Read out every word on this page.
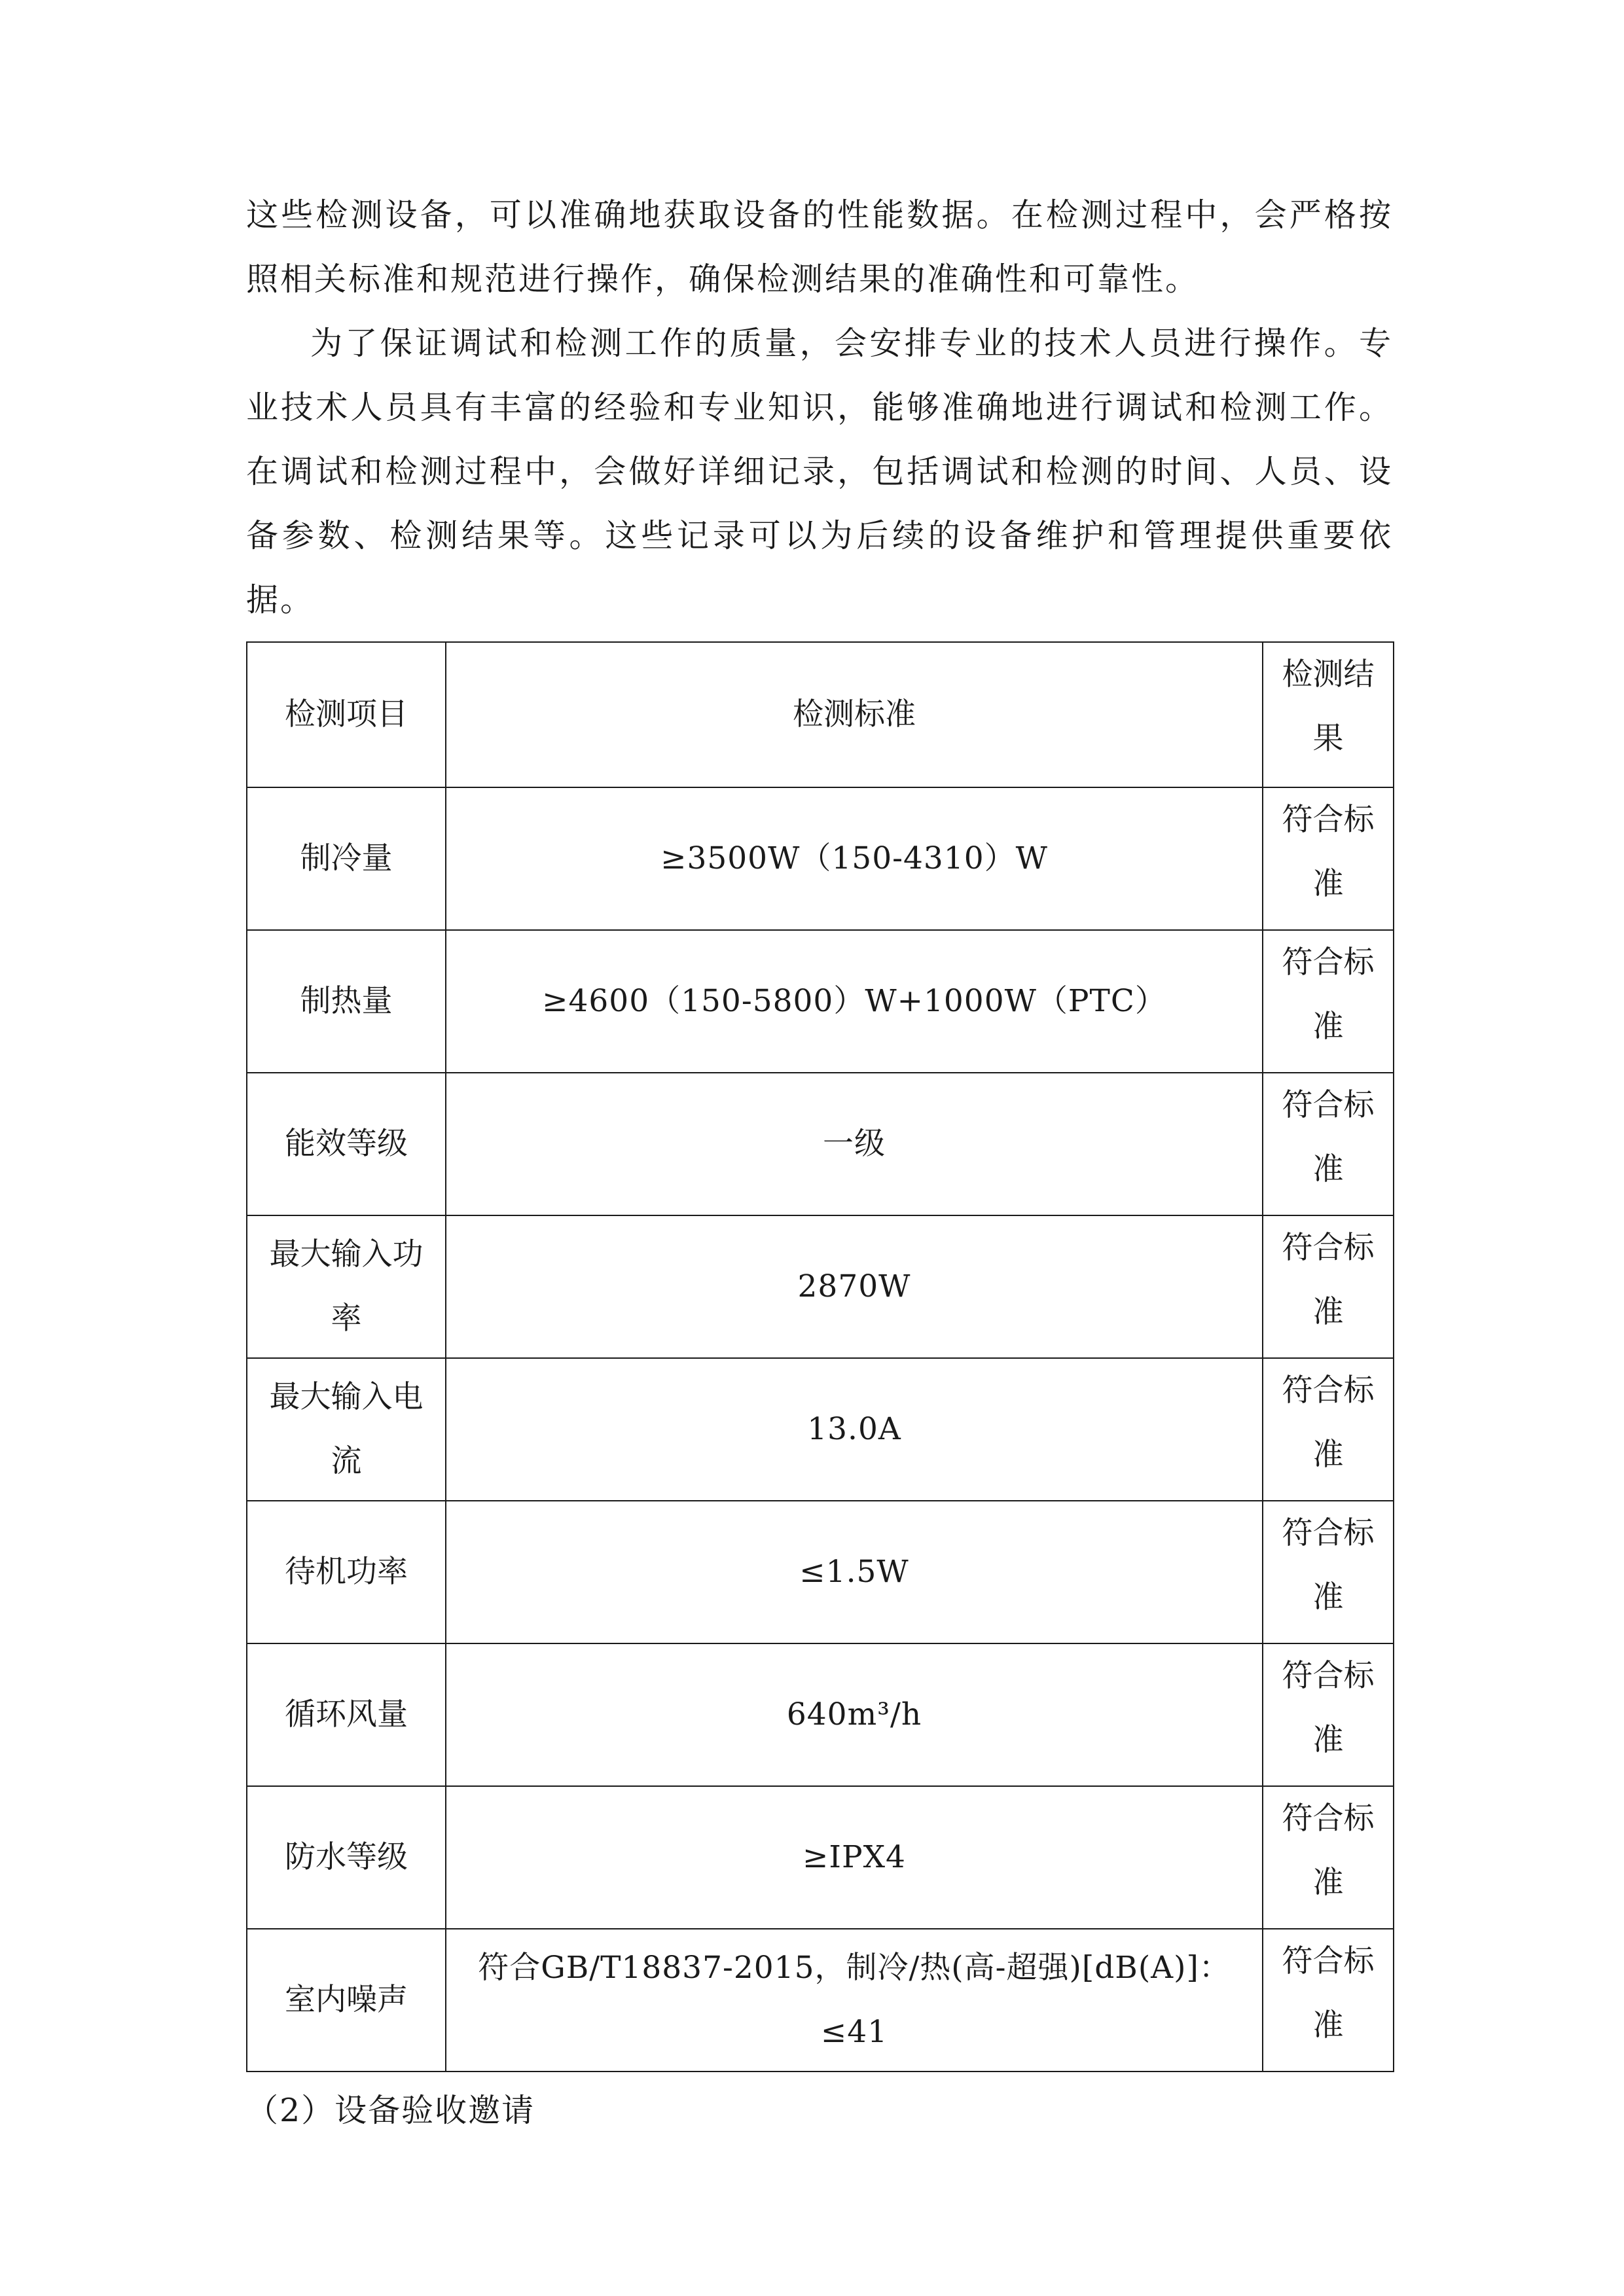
这些检测设备，可以准确地获取设备的性能数据。在检测过程中，会严格按照相关标准和规范进行操作，确保检测结果的准确性和可靠性。

为了保证调试和检测工作的质量，会安排专业的技术人员进行操作。专业技术人员具有丰富的经验和专业知识，能够准确地进行调试和检测工作。在调试和检测过程中，会做好详细记录，包括调试和检测的时间、人员、设备参数、检测结果等。这些记录可以为后续的设备维护和管理提供重要依据。

检测项目	检测标准	检测结果
制冷量	≥3500W（150-4310）W	符合标准
制热量	≥4600（150-5800）W+1000W（PTC）	符合标准
能效等级	一级	符合标准
最大输入功率	2870W	符合标准
最大输入电流	13.0A	符合标准
待机功率	≤1.5W	符合标准
循环风量	640m³/h	符合标准
防水等级	≥IPX4	符合标准
室内噪声	符合GB/T18837-2015，制冷/热(高-超强)[dB(A)]：≤41	符合标准
（2）设备验收邀请
